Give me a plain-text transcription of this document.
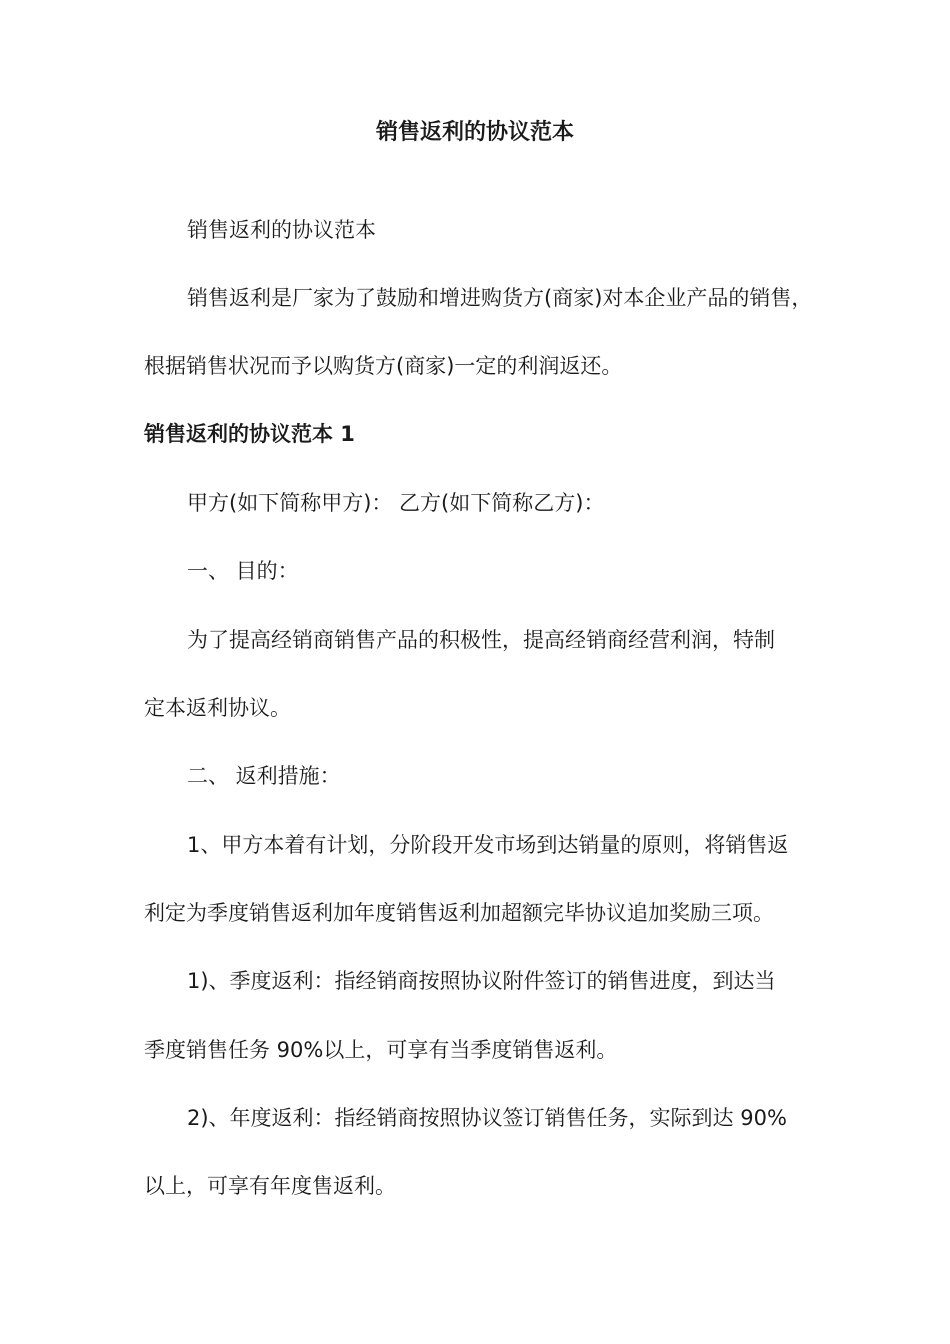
销售返利的协议范本
销售返利的协议范本
销售返利是厂家为了鼓励和增进购货方(商家)对本企业产品的销售，
根据销售状况而予以购货方(商家)一定的利润返还。
销售返利的协议范本 1
甲方(如下简称甲方)： 乙方(如下简称乙方)：
一、 目的：
为了提高经销商销售产品的积极性，提高经销商经营利润，特制
定本返利协议。
二、 返利措施：
1、甲方本着有计划，分阶段开发市场到达销量的原则，将销售返
利定为季度销售返利加年度销售返利加超额完毕协议追加奖励三项。
1)、季度返利：指经销商按照协议附件签订的销售进度，到达当
季度销售任务 90%以上，可享有当季度销售返利。
2)、年度返利：指经销商按照协议签订销售任务，实际到达 90%
以上，可享有年度售返利。
